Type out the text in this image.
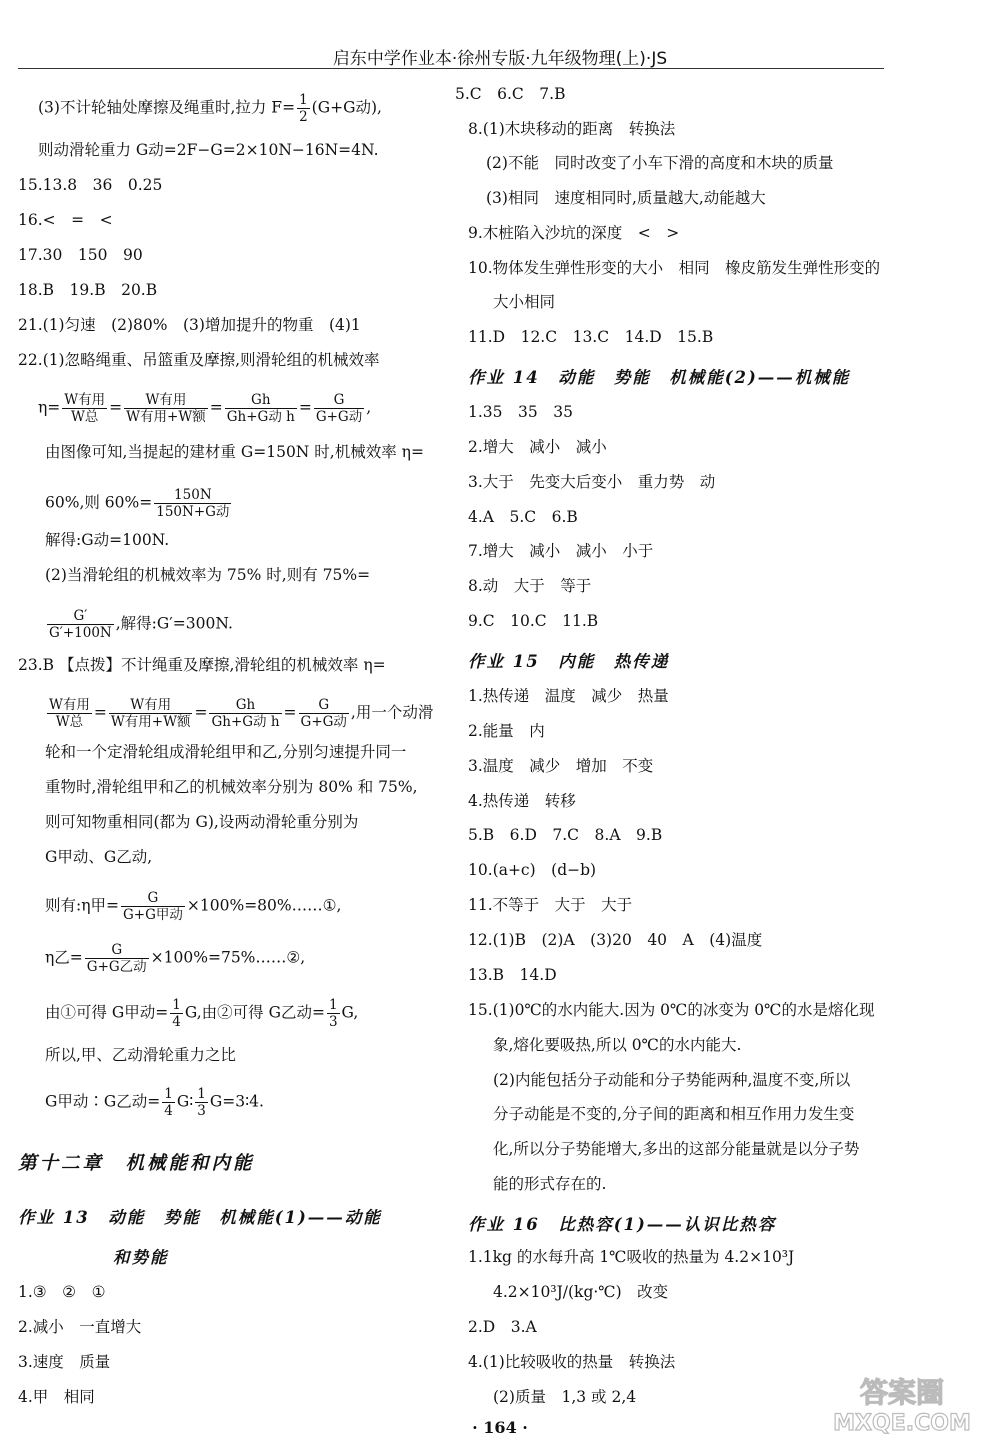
启东中学作业本·徐州专版·九年级物理(上)·JS
(3)不计轮轴处摩擦及绳重时,拉力 $F= \frac{1}{2} (G+G$动),
则动滑轮重力 G动=2F−G=2×10N−16N=4N.
15.13.8　36　0.25
16.<　=　<
17.30　150　90
18.B　19.B　20.B
21.(1)匀速　(2)80%　(3)增加提升的物重　(4)1
22.(1)忽略绳重、吊篮重及摩擦,则滑轮组的机械效率
$\eta= \frac{\text{W有用}}{\text{W总}} = \frac{\text{W有用}}{\text{W有用+W额}} = \frac{Gh}{\text{Gh+G动 h}} = \frac{G}{\text{G+G动}}$ ,
由图像可知,当提起的建材重 G=150N 时,机械效率 η=
60%,则 $60\%= \frac{150N}{\text{150N+G动}}$
解得:G动=100N.
(2)当滑轮组的机械效率为 75% 时,则有 75%=
$\frac{G'}{G'+100N}$ ,解得:G′=300N.
23.B 【点拨】不计绳重及摩擦,滑轮组的机械效率 η=
$\frac{\text{W有用}}{\text{W总}} = \frac{\text{W有用}}{\text{W有用+W额}} = \frac{Gh}{\text{Gh+G动 h}} = \frac{G}{\text{G+G动}}$ ,用一个动滑
轮和一个定滑轮组成滑轮组甲和乙,分别匀速提升同一
重物时,滑轮组甲和乙的机械效率分别为 80% 和 75%,
则可知物重相同(都为 G),设两动滑轮重分别为
G甲动、G乙动,
则有:η甲= $\frac{G}{\text{G+G甲动}}$ ×100%=80%……①,
η乙= $\frac{G}{\text{G+G乙动}}$ ×100%=75%……②,
由①可得 G甲动= $\frac{1}{4} G$,由②可得 G乙动= $\frac{1}{3} G$,
所以,甲、乙动滑轮重力之比
G甲动∶G乙动= $\frac{1}{4}$ G∶ $\frac{1}{3}$ G=3∶4.
第十二章　机械能和内能
作业 13　动能　势能　机械能(1)——动能
和势能
1.③　②　①
2.减小　一直增大
3.速度　质量
4.甲　相同
5.C　6.C　7.B
8.(1)木块移动的距离　转换法
(2)不能　同时改变了小车下滑的高度和木块的质量
(3)相同　速度相同时,质量越大,动能越大
9.木桩陷入沙坑的深度　<　>
10.物体发生弹性形变的大小　相同　橡皮筋发生弹性形变的
大小相同
11.D　12.C　13.C　14.D　15.B
作业 14　动能　势能　机械能(2)——机械能
1.35　35　35
2.增大　减小　减小
3.大于　先变大后变小　重力势　动
4.A　5.C　6.B
7.增大　减小　减小　小于
8.动　大于　等于
9.C　10.C　11.B
作业 15　内能　热传递
1.热传递　温度　减少　热量
2.能量　内
3.温度　减少　增加　不变
4.热传递　转移
5.B　6.D　7.C　8.A　9.B
10.(a+c)　(d−b)
11.不等于　大于　大于
12.(1)B　(2)A　(3)20　40　A　(4)温度
13.B　14.D
15.(1)0℃的水内能大.因为 0℃的冰变为 0℃的水是熔化现
象,熔化要吸热,所以 0℃的水内能大.
(2)内能包括分子动能和分子势能两种,温度不变,所以
分子动能是不变的,分子间的距离和相互作用力发生变
化,所以分子势能增大,多出的这部分能量就是以分子势
能的形式存在的.
作业 16　比热容(1)——认识比热容
1.1kg 的水每升高 1℃吸收的热量为 4.2×10³J
4.2×10³J/(kg·℃)　改变
2.D　3.A
4.(1)比较吸收的热量　转换法
(2)质量　1,3 或 2,4
· 164 ·
答案圈
MXQE.COM
